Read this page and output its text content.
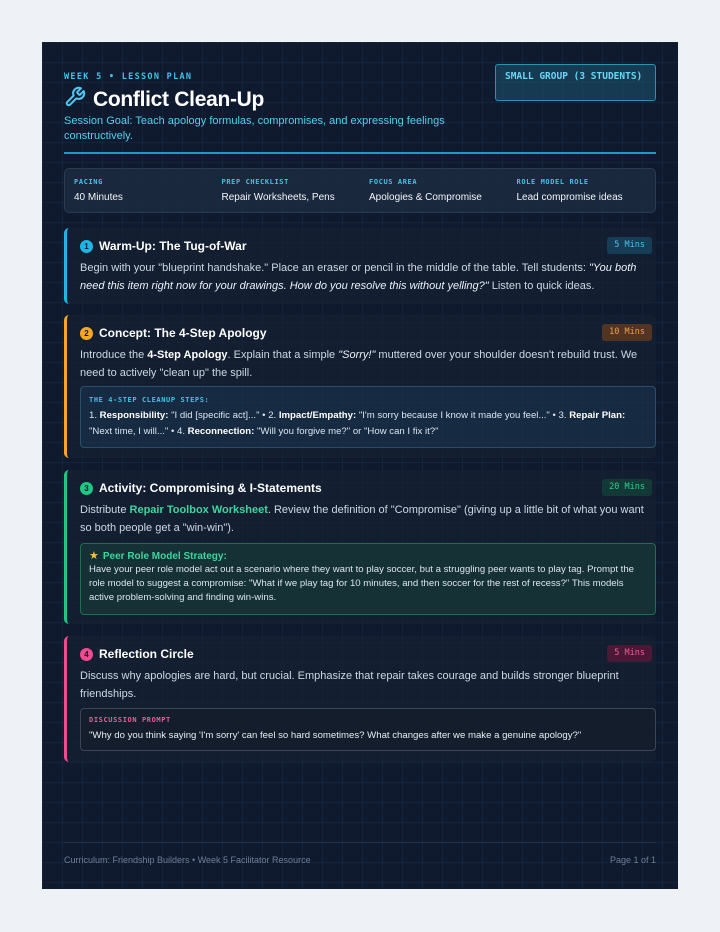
WEEK 5 • LESSON PLAN
Conflict Clean-Up
Session Goal: Teach apology formulas, compromises, and expressing feelings constructively.
SMALL GROUP (3 STUDENTS)
PACING
40 Minutes
PREP CHECKLIST
Repair Worksheets, Pens
FOCUS AREA
Apologies & Compromise
ROLE MODEL ROLE
Lead compromise ideas
1 Warm-Up: The Tug-of-War	5 Mins
Begin with your "blueprint handshake." Place an eraser or pencil in the middle of the table. Tell students: "You both need this item right now for your drawings. How do you resolve this without yelling?" Listen to quick ideas.
2 Concept: The 4-Step Apology	10 Mins
Introduce the 4-Step Apology. Explain that a simple "Sorry!" muttered over your shoulder doesn't rebuild trust. We need to actively "clean up" the spill.
THE 4-STEP CLEANUP STEPS:
1. Responsibility: "I did [specific act]..." • 2. Impact/Empathy: "I'm sorry because I know it made you feel..." • 3. Repair Plan: "Next time, I will..." • 4. Reconnection: "Will you forgive me?" or "How can I fix it?"
3 Activity: Compromising & I-Statements	20 Mins
Distribute Repair Toolbox Worksheet. Review the definition of "Compromise" (giving up a little bit of what you want so both people get a "win-win").
★ Peer Role Model Strategy:
Have your peer role model act out a scenario where they want to play soccer, but a struggling peer wants to play tag. Prompt the role model to suggest a compromise: "What if we play tag for 10 minutes, and then soccer for the rest of recess?" This models active problem-solving and finding win-wins.
4 Reflection Circle	5 Mins
Discuss why apologies are hard, but crucial. Emphasize that repair takes courage and builds stronger blueprint friendships.
DISCUSSION PROMPT
"Why do you think saying 'I'm sorry' can feel so hard sometimes? What changes after we make a genuine apology?"
Curriculum: Friendship Builders • Week 5 Facilitator Resource	Page 1 of 1
